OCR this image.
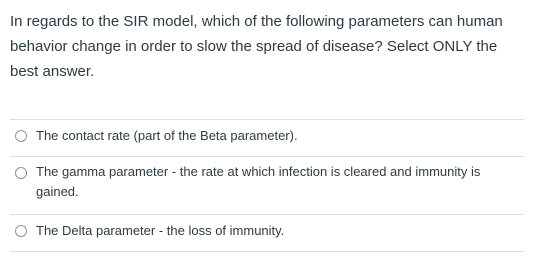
In regards to the SIR model, which of the following parameters can human behavior change in order to slow the spread of disease? Select ONLY the best answer.
The contact rate (part of the Beta parameter).
The gamma parameter - the rate at which infection is cleared and immunity is gained.
The Delta parameter - the loss of immunity.
